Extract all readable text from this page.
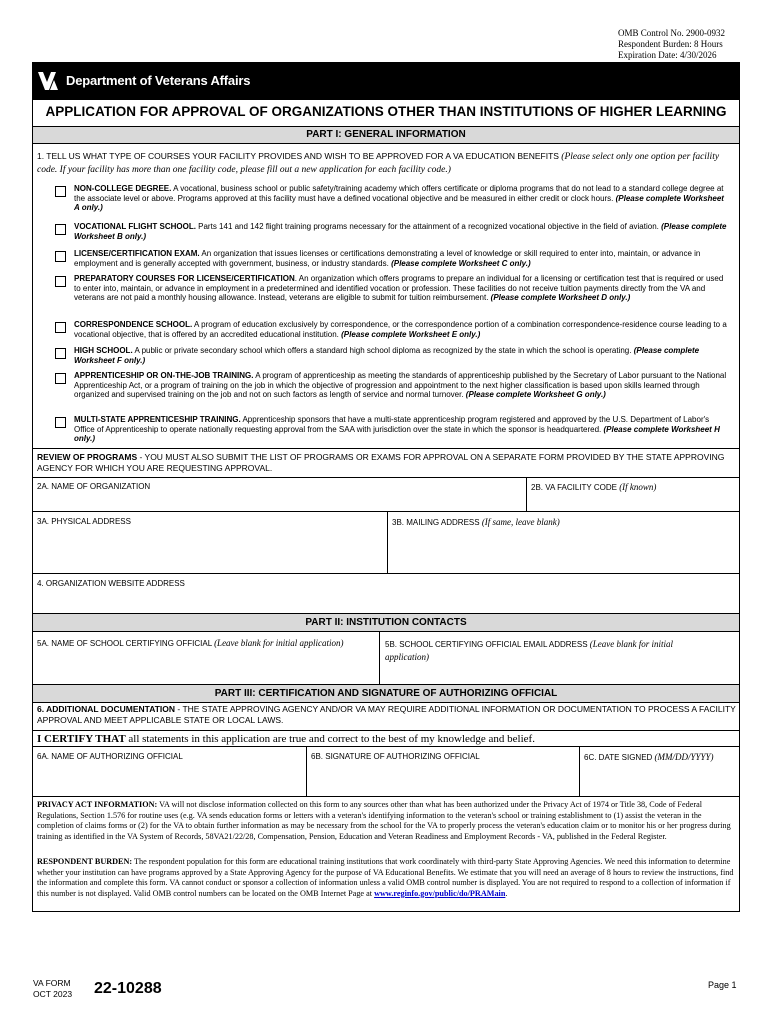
OMB Control No. 2900-0932
Respondent Burden: 8 Hours
Expiration Date: 4/30/2026
Department of Veterans Affairs
APPLICATION FOR APPROVAL OF ORGANIZATIONS OTHER THAN INSTITUTIONS OF HIGHER LEARNING
PART I: GENERAL INFORMATION
1. TELL US WHAT TYPE OF COURSES YOUR FACILITY PROVIDES AND WISH TO BE APPROVED FOR A VA EDUCATION BENEFITS (Please select only one option per facility code. If your facility has more than one facility code, please fill out a new application for each facility code.)
NON-COLLEGE DEGREE. A vocational, business school or public safety/training academy which offers certificate or diploma programs that do not lead to a standard college degree at the associate level or above. Programs approved at this facility must have a defined vocational objective and be measured in either credit or clock hours. (Please complete Worksheet A only.)
VOCATIONAL FLIGHT SCHOOL. Parts 141 and 142 flight training programs necessary for the attainment of a recognized vocational objective in the field of aviation. (Please complete Worksheet B only.)
LICENSE/CERTIFICATION EXAM. An organization that issues licenses or certifications demonstrating a level of knowledge or skill required to enter into, maintain, or advance in employment and is generally accepted with government, business, or industry standards. (Please complete Worksheet C only.)
PREPARATORY COURSES FOR LICENSE/CERTIFICATION. An organization which offers programs to prepare an individual for a licensing or certification test that is required or used to enter into, maintain, or advance in employment in a predetermined and identified vocation or profession. These facilities do not receive tuition payments directly from the VA and veterans are not paid a monthly housing allowance. Instead, veterans are eligible to submit for tuition reimbursement. (Please complete Worksheet D only.)
CORRESPONDENCE SCHOOL. A program of education exclusively by correspondence, or the correspondence portion of a combination correspondence-residence course leading to a vocational objective, that is offered by an accredited educational institution. (Please complete Worksheet E only.)
HIGH SCHOOL. A public or private secondary school which offers a standard high school diploma as recognized by the state in which the school is operating. (Please complete Worksheet F only.)
APPRENTICESHIP OR ON-THE-JOB TRAINING. A program of apprenticeship as meeting the standards of apprenticeship published by the Secretary of Labor pursuant to the National Apprenticeship Act, or a program of training on the job in which the objective of progression and appointment to the next higher classification is based upon skills learned through organized and supervised training on the job and not on such factors as length of service and normal turnover. (Please complete Worksheet G only.)
MULTI-STATE APPRENTICESHIP TRAINING. Apprenticeship sponsors that have a multi-state apprenticeship program registered and approved by the U.S. Department of Labor's Office of Apprenticeship to operate nationally requesting approval from the SAA with jurisdiction over the state in which the sponsor is headquartered. (Please complete Worksheet H only.)
REVIEW OF PROGRAMS - YOU MUST ALSO SUBMIT THE LIST OF PROGRAMS OR EXAMS FOR APPROVAL ON A SEPARATE FORM PROVIDED BY THE STATE APPROVING AGENCY FOR WHICH YOU ARE REQUESTING APPROVAL.
2A. NAME OF ORGANIZATION	2B. VA FACILITY CODE (If known)
3A. PHYSICAL ADDRESS	3B. MAILING ADDRESS (If same, leave blank)
4. ORGANIZATION WEBSITE ADDRESS
PART II: INSTITUTION CONTACTS
5A. NAME OF SCHOOL CERTIFYING OFFICIAL (Leave blank for initial application)	5B. SCHOOL CERTIFYING OFFICIAL EMAIL ADDRESS (Leave blank for initial application)
PART III: CERTIFICATION AND SIGNATURE OF AUTHORIZING OFFICIAL
6. ADDITIONAL DOCUMENTATION - THE STATE APPROVING AGENCY AND/OR VA MAY REQUIRE ADDITIONAL INFORMATION OR DOCUMENTATION TO PROCESS A FACILITY APPROVAL AND MEET APPLICABLE STATE OR LOCAL LAWS.
I CERTIFY THAT all statements in this application are true and correct to the best of my knowledge and belief.
6A. NAME OF AUTHORIZING OFFICIAL	6B. SIGNATURE OF AUTHORIZING OFFICIAL	6C. DATE SIGNED (MM/DD/YYYY)
PRIVACY ACT INFORMATION: VA will not disclose information collected on this form to any sources other than what has been authorized under the Privacy Act of 1974 or Title 38, Code of Federal Regulations, Section 1.576 for routine uses (e.g. VA sends education forms or letters with a veteran's identifying information to the veteran's school or training establishment to (1) assist the veteran in the completion of claims forms or (2) for the VA to obtain further information as may be necessary from the school for the VA to properly process the veteran's education claim or to monitor his or her progress during training as identified in the VA System of Records, 58VA21/22/28, Compensation, Pension, Education and Veteran Readiness and Employment Records - VA, published in the Federal Register.
RESPONDENT BURDEN: The respondent population for this form are educational training institutions that work coordinately with third-party State Approving Agencies. We need this information to determine whether your institution can have programs approved by a State Approving Agency for the purpose of VA Educational Benefits. We estimate that you will need an average of 8 hours to review the instructions, find the information and complete this form. VA cannot conduct or sponsor a collection of information unless a valid OMB control number is displayed. You are not required to respond to a collection of information if this number is not displayed. Valid OMB control numbers can be located on the OMB Internet Page at www.reginfo.gov/public/do/PRAMain.
VA FORM
OCT 2023 22-10288	Page 1
